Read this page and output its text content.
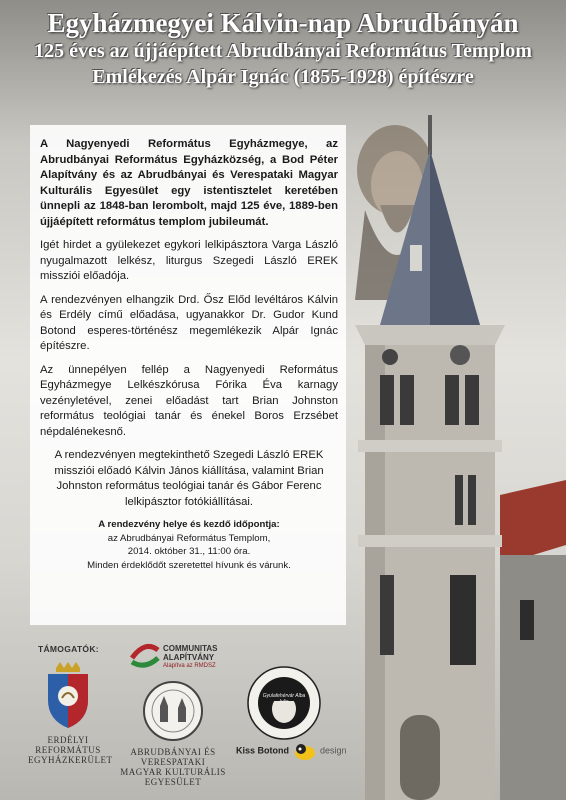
Egyházmegyei Kálvin-nap Abrudbányán
125 éves az újjáépített Abrudbányai Református Templom
Emlékezés Alpár Ignác (1855-1928) építészre

A Nagyenyedi Református Egyházmegye, az Abrudbányai Református Egyházközség, a Bod Péter Alapítvány és az Abrudbányai és Verespataki Magyar Kulturális Egyesület egy istentisztelet keretében ünnepli az 1848-ban lerombolt, majd 125 éve, 1889-ben újjáépített református templom jubileumát.

Igét hirdet a gyülekezet egykori lelkipásztora Varga László nyugalmazott lelkész, liturgus Szegedi László EREK missziói előadója.

A rendezvényen elhangzik Drd. Ősz Előd levéltáros Kálvin és Erdély című előadása, ugyanakkor Dr. Gudor Kund Botond esperes-történész megemlékezik Alpár Ignác építészre.

Az ünnepélyen fellép a Nagyenyedi Református Egyházmegye Lelkészkórusa Fórika Éva karnagy vezényletével, zenei előadást tart Brian Johnston református teológiai tanár és énekel Boros Erzsébet népdalénekesnő.

A rendezvényen megtekinthető Szegedi László EREK missziói előadó Kálvin János kiállítása, valamint Brian Johnston református teológiai tanár és Gábor Ferenc lelkipásztor fotókiállításai.

A rendezvény helye és kezdő időpontja:
az Abrudbányai Református Templom,
2014. október 31., 11:00 óra.
Minden érdeklődőt szeretettel hívunk és várunk.
TÁMOGATÓK:
ERDÉLYI
REFORMÁTUS
EGYHÁZKERÜLET
COMMUNITAS
ALAPÍTVÁNY
Alapítva az RMDSZ
ABRUDBÁNYAI ÉS
VERESPATAKI
MAGYAR KULTURÁLIS
EGYESÜLET
Gyulafehérvár Alba Iulia
Kiss Botond	design
